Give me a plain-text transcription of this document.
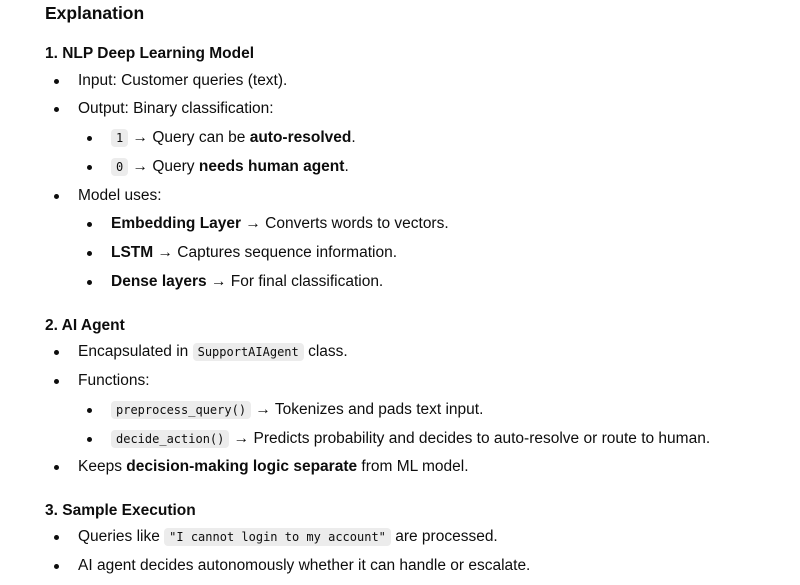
Explanation
1. NLP Deep Learning Model
Input: Customer queries (text).
Output: Binary classification:
1 → Query can be auto-resolved.
0 → Query needs human agent.
Model uses:
Embedding Layer → Converts words to vectors.
LSTM → Captures sequence information.
Dense layers → For final classification.
2. AI Agent
Encapsulated in SupportAIAgent class.
Functions:
preprocess_query() → Tokenizes and pads text input.
decide_action() → Predicts probability and decides to auto-resolve or route to human.
Keeps decision-making logic separate from ML model.
3. Sample Execution
Queries like "I cannot login to my account" are processed.
AI agent decides autonomously whether it can handle or escalate.
